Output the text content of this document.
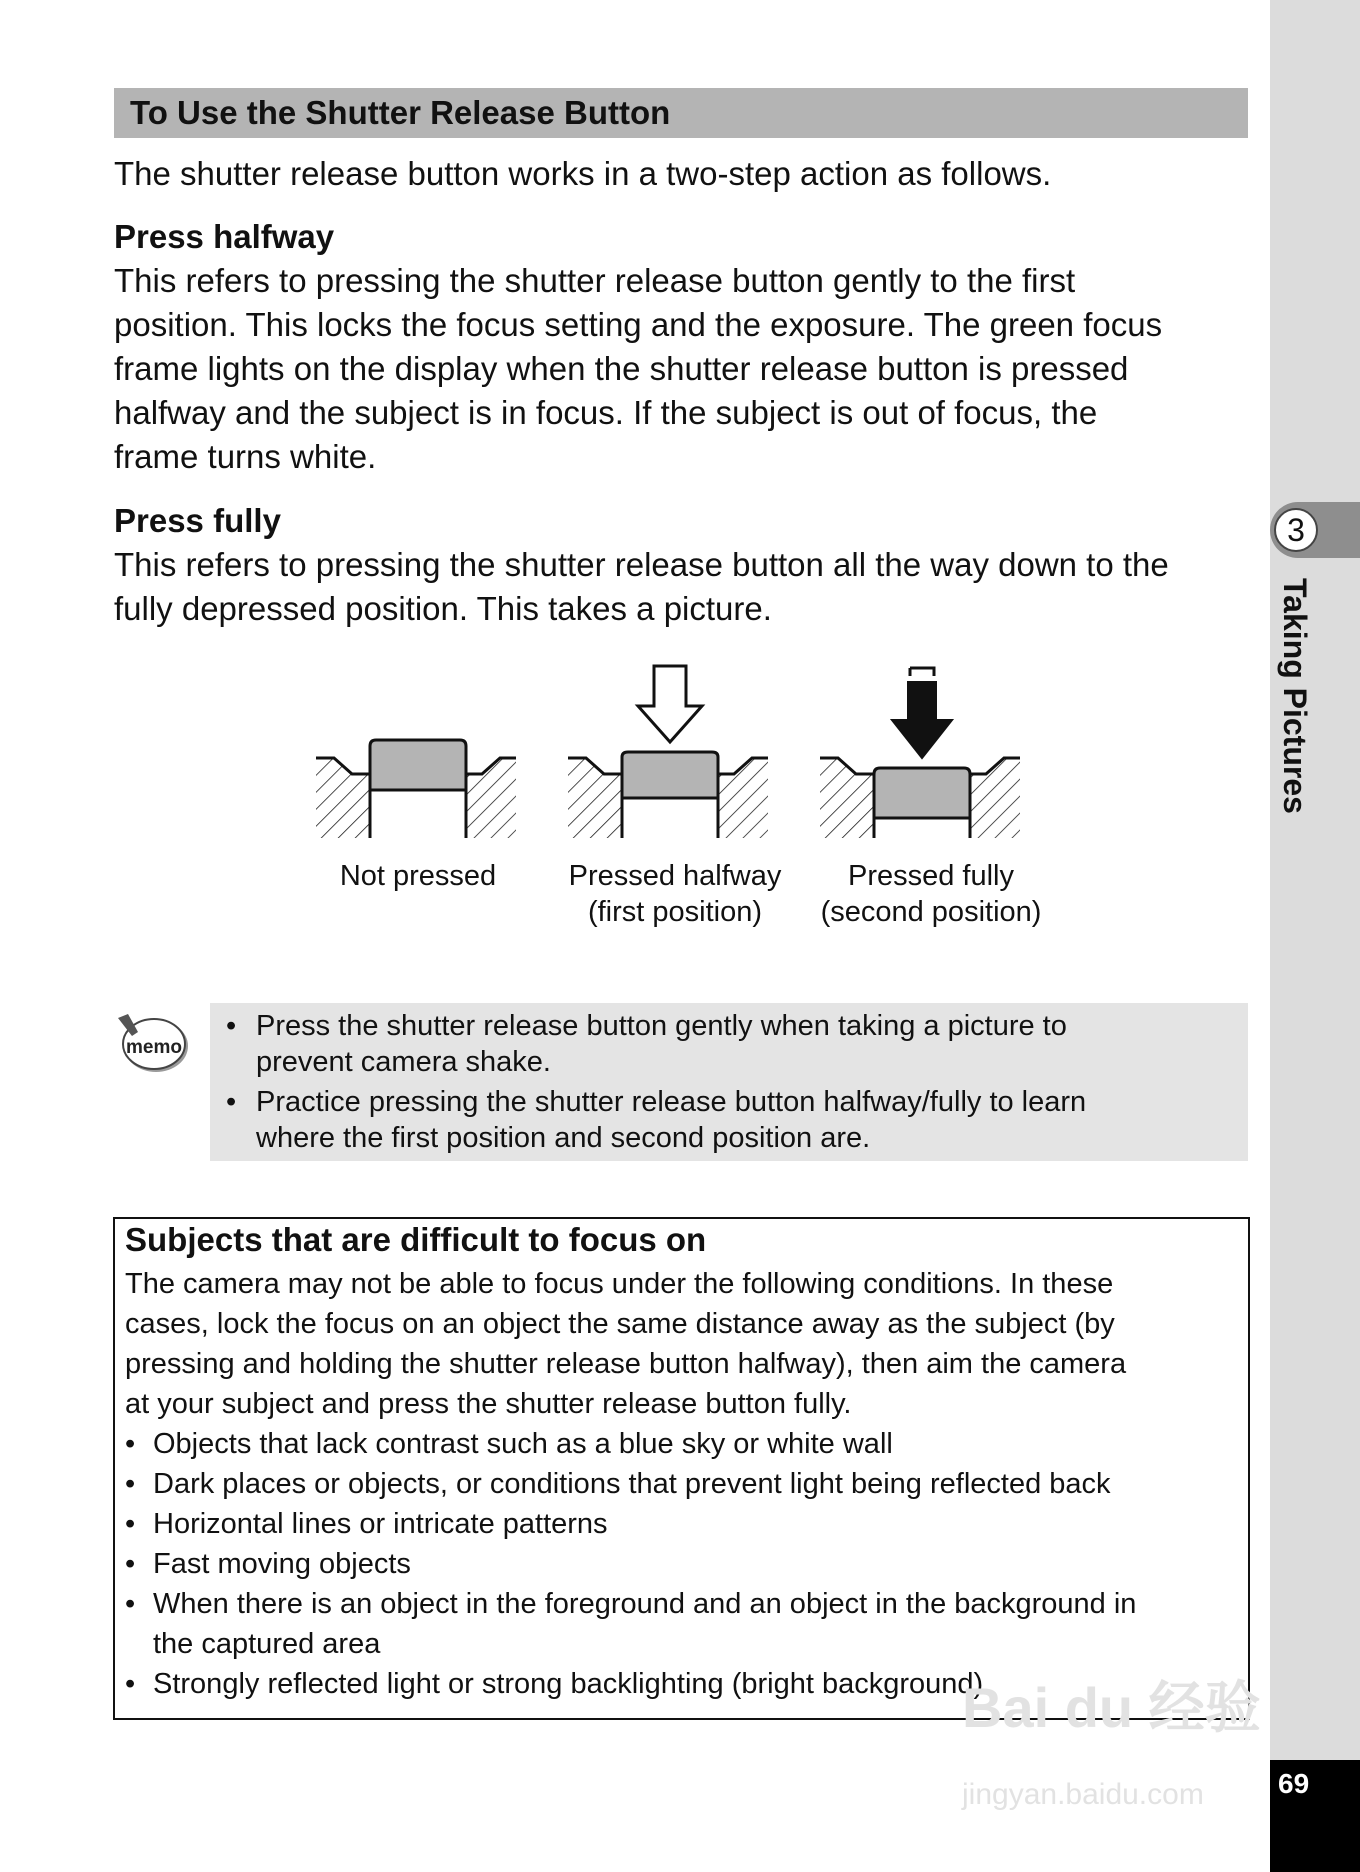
3
Taking Pictures
69
To Use the Shutter Release Button
The shutter release button works in a two-step action as follows.
Press halfway
This refers to pressing the shutter release button gently to the first
position. This locks the focus setting and the exposure. The green focus
frame lights on the display when the shutter release button is pressed
halfway and the subject is in focus. If the subject is out of focus, the
frame turns white.
Press fully
This refers to pressing the shutter release button all the way down to the
fully depressed position. This takes a picture.
Not pressed	Pressed halfway
(first position)
Pressed fully
(second position)
memo
• Press the shutter release button gently when taking a picture to
prevent camera shake.
• Practice pressing the shutter release button halfway/fully to learn
where the first position and second position are.
Subjects that are difficult to focus on
The camera may not be able to focus under the following conditions. In these
cases, lock the focus on an object the same distance away as the subject (by
pressing and holding the shutter release button halfway), then aim the camera
at your subject and press the shutter release button fully.
• Objects that lack contrast such as a blue sky or white wall
• Dark places or objects, or conditions that prevent light being reflected back
• Horizontal lines or intricate patterns
• Fast moving objects
• When there is an object in the foreground and an object in the background in
the captured area
• Strongly reflected light or strong backlighting (bright background)
Bai du 经验
jingyan.baidu.com
